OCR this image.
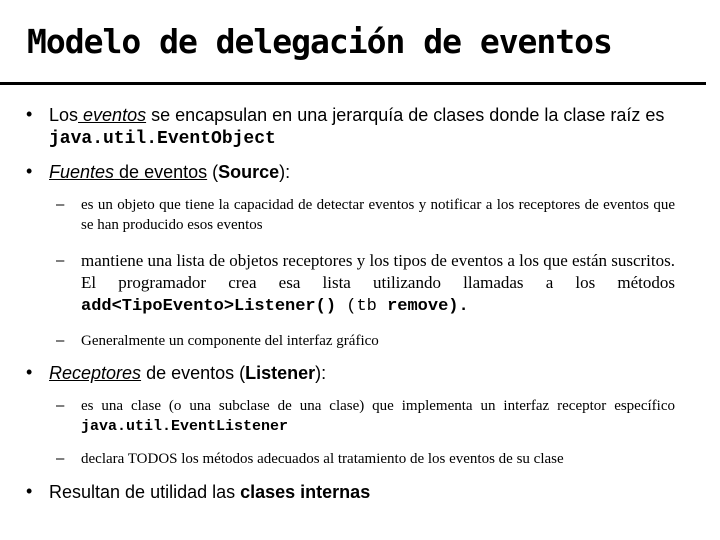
Modelo de delegación de eventos
• Los eventos se encapsulan en una jerarquía de clases donde la clase raíz es java.util.EventObject
• Fuentes de eventos (Source):
– es un objeto que tiene la capacidad de detectar eventos y notificar a los receptores de eventos que se han producido esos eventos
– mantiene una lista de objetos receptores y los tipos de eventos a los que están suscritos. El programador crea esa lista utilizando llamadas a los métodos add<TipoEvento>Listener() (tb remove).
– Generalmente un componente del interfaz gráfico
• Receptores de eventos (Listener):
– es una clase (o una subclase de una clase) que implementa un interfaz receptor específico java.util.EventListener
– declara TODOS los métodos adecuados al tratamiento de los eventos de su clase
• Resultan de utilidad las clases internas
